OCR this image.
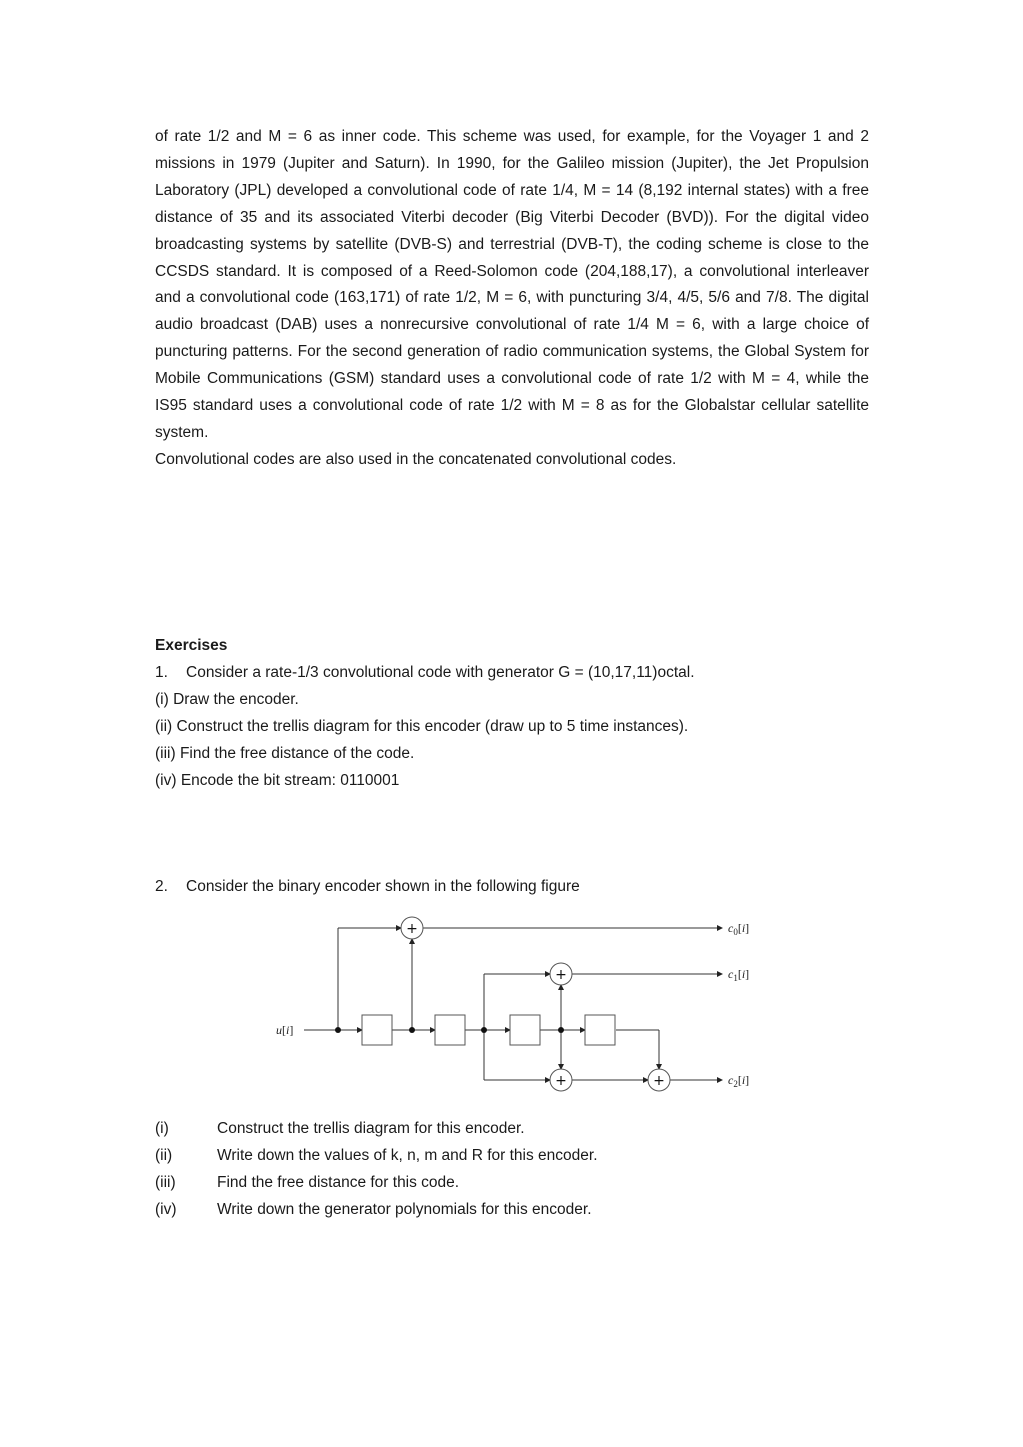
of rate 1/2 and M = 6 as inner code. This scheme was used, for example, for the Voyager 1 and 2 missions in 1979 (Jupiter and Saturn). In 1990, for the Galileo mission (Jupiter), the Jet Propulsion Laboratory (JPL) developed a convolutional code of rate 1/4, M = 14 (8,192 internal states) with a free distance of 35 and its associated Viterbi decoder (Big Viterbi Decoder (BVD)). For the digital video broadcasting systems by satellite (DVB-S) and terrestrial (DVB-T), the coding scheme is close to the CCSDS standard. It is composed of a Reed-Solomon code (204,188,17), a convolutional interleaver and a convolutional code (163,171) of rate 1/2, M = 6, with puncturing 3/4, 4/5, 5/6 and 7/8. The digital audio broadcast (DAB) uses a nonrecursive convolutional of rate 1/4 M = 6, with a large choice of puncturing patterns. For the second generation of radio communication systems, the Global System for Mobile Communications (GSM) standard uses a convolutional code of rate 1/2 with M = 4, while the IS95 standard uses a convolutional code of rate 1/2 with M = 8 as for the Globalstar cellular satellite system.

Convolutional codes are also used in the concatenated convolutional codes.

Exercises

1. Consider a rate-1/3 convolutional code with generator G = (10,17,11)octal.

(i) Draw the encoder.

(ii) Construct the trellis diagram for this encoder (draw up to 5 time instances).

(iii) Find the free distance of the code.

(iv) Encode the bit stream: 0110001

2. Consider the binary encoder shown in the following figure

+
+
+	+
u[i]
$c_0[i]$
$c_1[i]$
$c_2[i]$

(i)	Construct the trellis diagram for this encoder.

(ii)	Write down the values of k, n, m and R for this encoder.

(iii)	Find the free distance for this code.

(iv)	Write down the generator polynomials for this encoder.
